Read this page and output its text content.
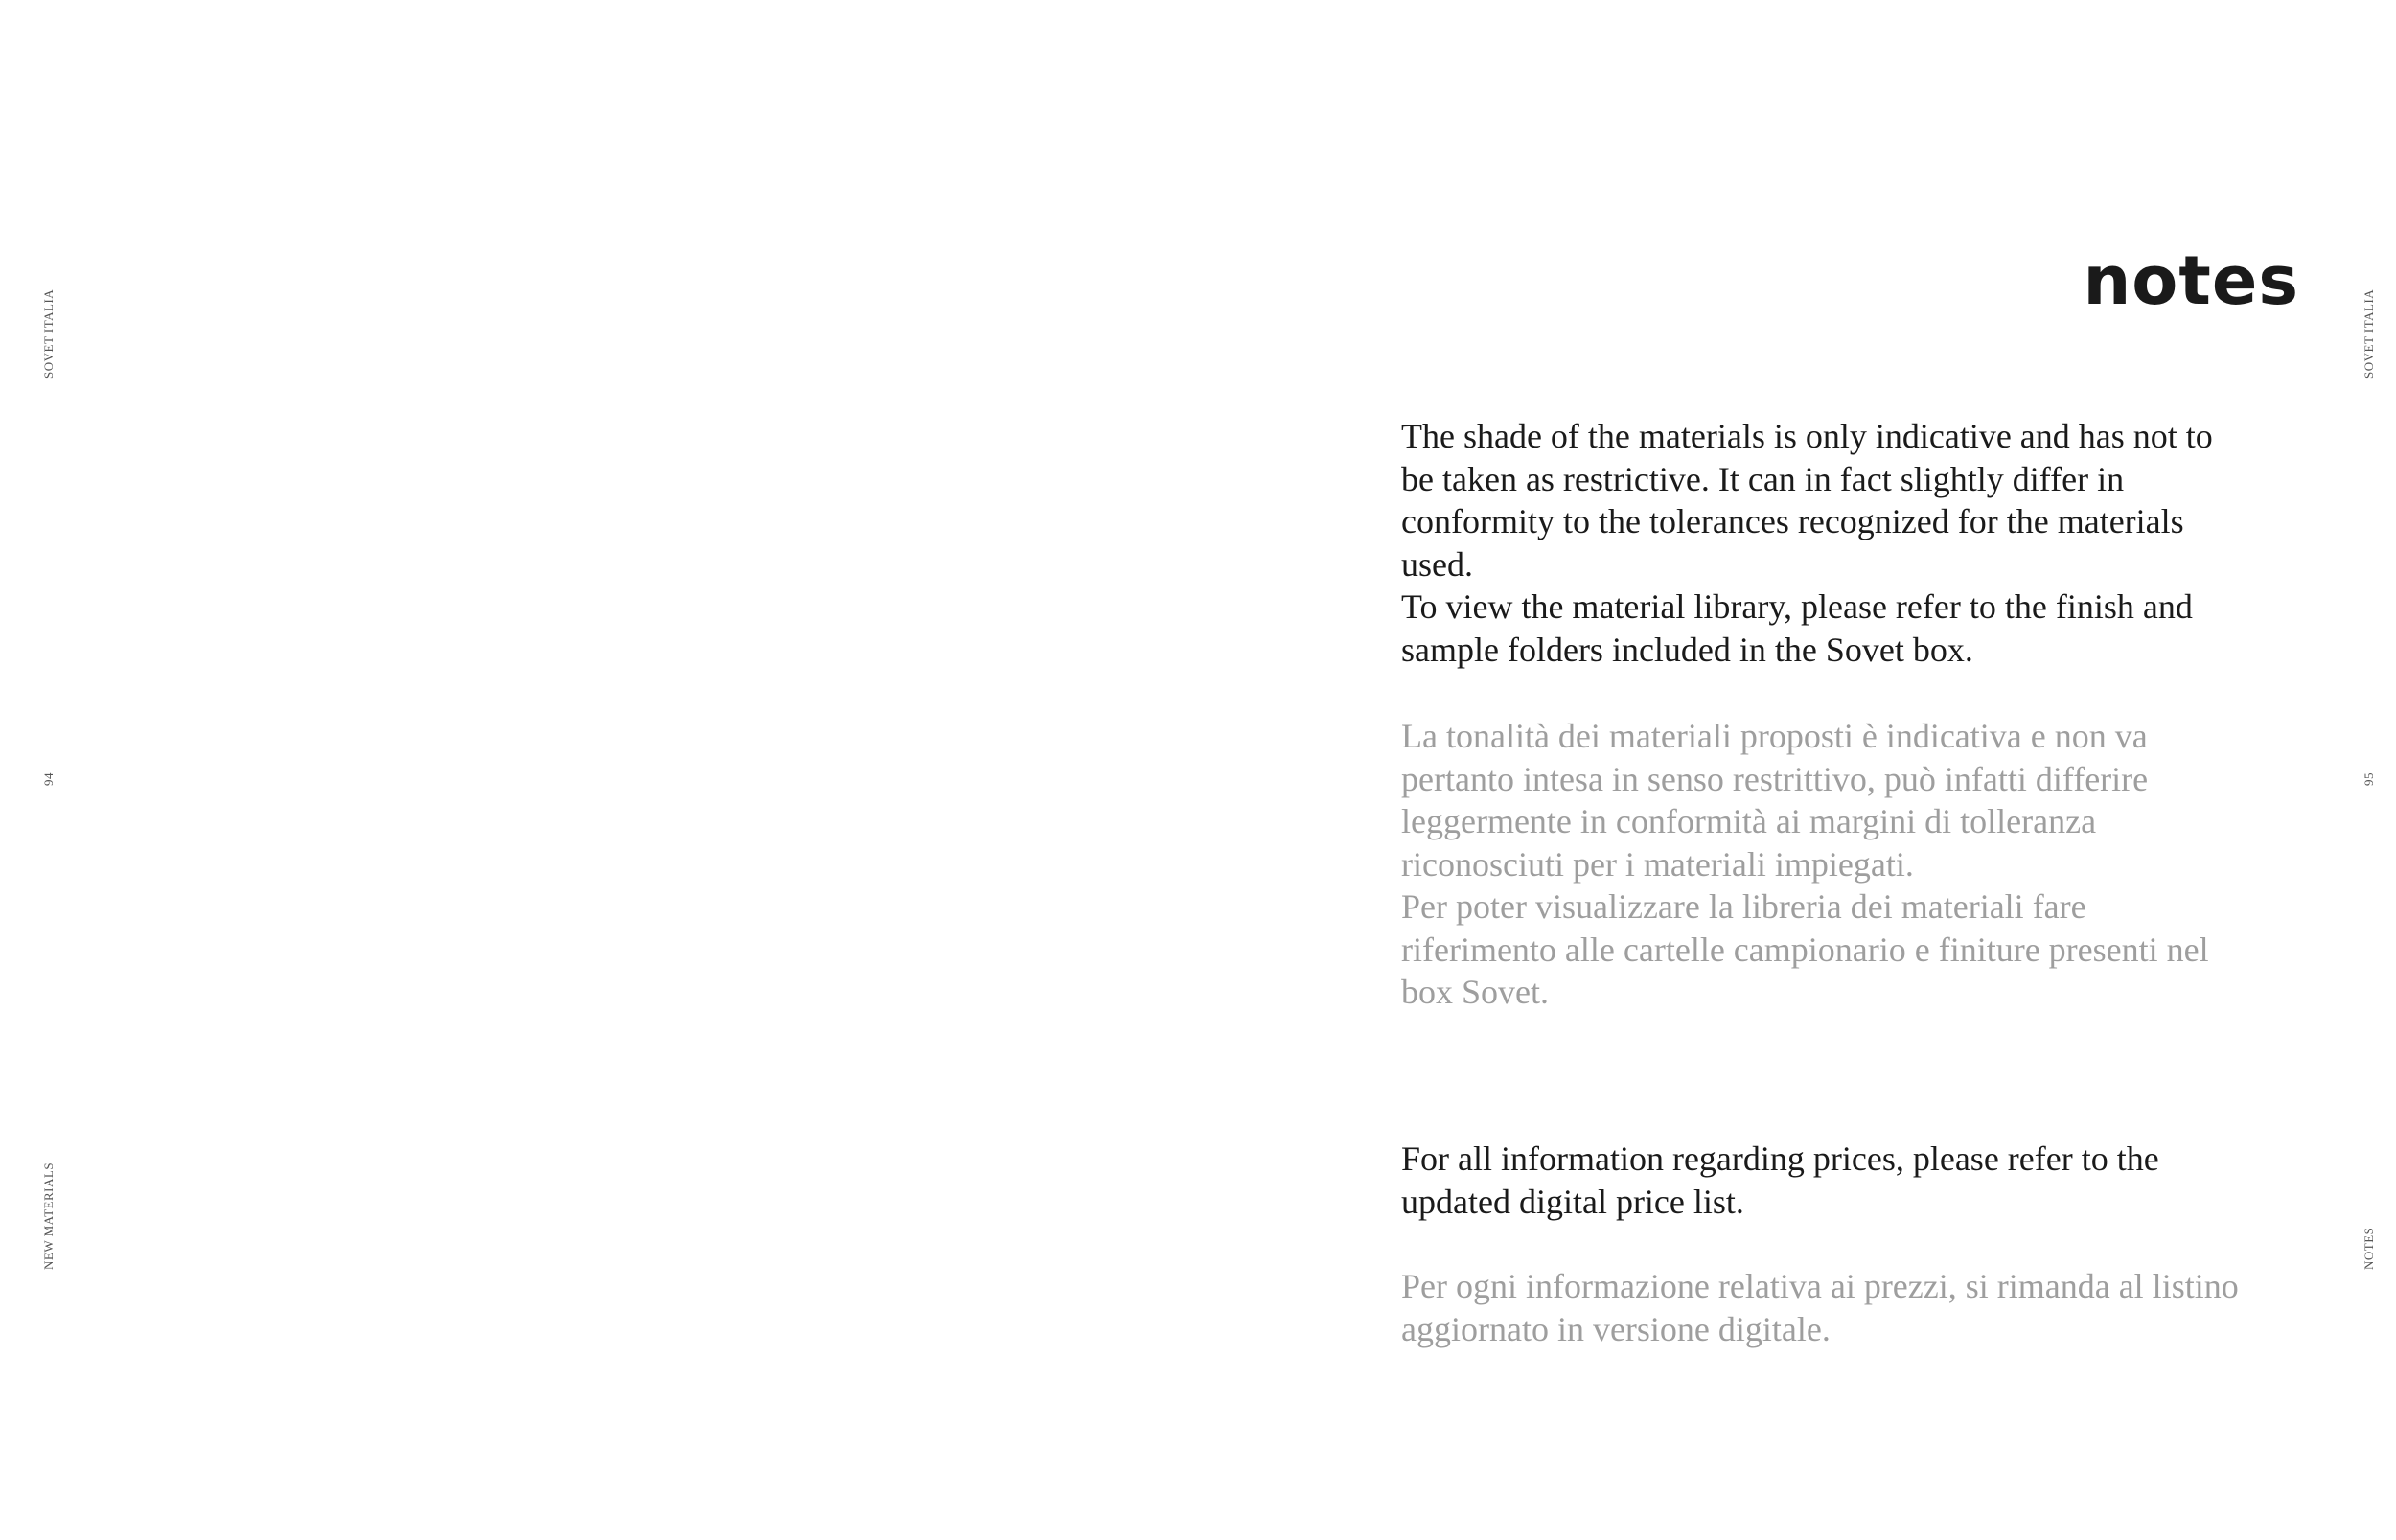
SOVET ITALIA
94
NEW MATERIALS
SOVET ITALIA
95
NOTES
notes
The shade of the materials is only indicative and has not to be taken as restrictive. It can in fact slightly differ in conformity to the tolerances recognized for the materials used.
To view the material library, please refer to the finish and sample folders included in the Sovet box.
La tonalità dei materiali proposti è indicativa e non va pertanto intesa in senso restrittivo, può infatti differire leggermente in conformità ai margini di tolleranza riconosciuti per i materiali impiegati.
Per poter visualizzare la libreria dei materiali fare riferimento alle cartelle campionario e finiture presenti nel box Sovet.
For all information regarding prices, please refer to the updated digital price list.
Per ogni informazione relativa ai prezzi, si rimanda al listino aggiornato in versione digitale.
